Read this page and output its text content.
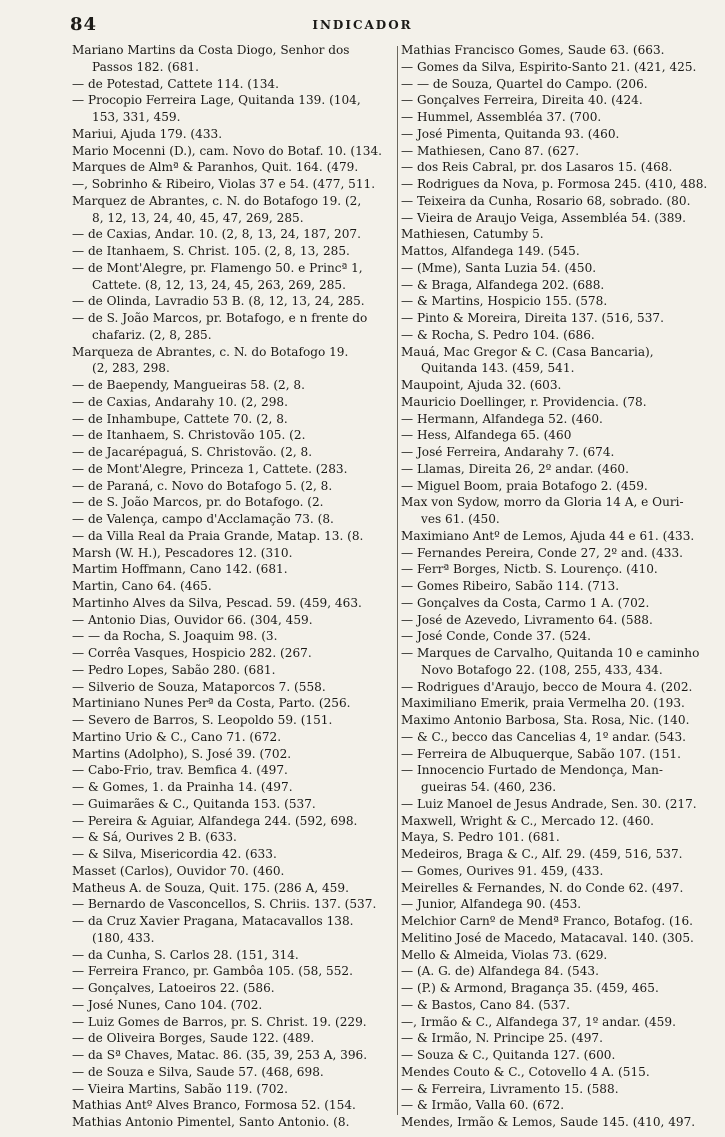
84	INDICADOR
Mariano Martins da Costa Diogo, Senhor dos
Passos 182. (681.
— de Potestad, Cattete 114. (134.
— Procopio Ferreira Lage, Quitanda 139. (104,
153, 331, 459.
Mariui, Ajuda 179. (433.
Mario Mocenni (D.), cam. Novo do Botaf. 10. (134.
Marques de Almª & Paranhos, Quit. 164. (479.
—, Sobrinho & Ribeiro, Violas 37 e 54. (477, 511.
Marquez de Abrantes, c. N. do Botafogo 19. (2,
8, 12, 13, 24, 40, 45, 47, 269, 285.
— de Caxias, Andar. 10. (2, 8, 13, 24, 187, 207.
— de Itanhaem, S. Christ. 105. (2, 8, 13, 285.
— de Mont'Alegre, pr. Flamengo 50. e Princª 1,
Cattete. (8, 12, 13, 24, 45, 263, 269, 285.
— de Olinda, Lavradio 53 B. (8, 12, 13, 24, 285.
— de S. João Marcos, pr. Botafogo, e n frente do
chafariz. (2, 8, 285.
Marqueza de Abrantes, c. N. do Botafogo 19.
(2, 283, 298.
— de Baependy, Mangueiras 58. (2, 8.
— de Caxias, Andarahy 10. (2, 298.
— de Inhambupe, Cattete 70. (2, 8.
— de Itanhaem, S. Christovão 105. (2.
— de Jacarépaguá, S. Christovão. (2, 8.
— de Mont'Alegre, Princeza 1, Cattete. (283.
— de Paraná, c. Novo do Botafogo 5. (2, 8.
— de S. João Marcos, pr. do Botafogo. (2.
— de Valença, campo d'Acclamação 73. (8.
— da Villa Real da Praia Grande, Matap. 13. (8.
Marsh (W. H.), Pescadores 12. (310.
Martim Hoffmann, Cano 142. (681.
Martin, Cano 64. (465.
Martinho Alves da Silva, Pescad. 59. (459, 463.
— Antonio Dias, Ouvidor 66. (304, 459.
— — da Rocha, S. Joaquim 98. (3.
— Corrêa Vasques, Hospicio 282. (267.
— Pedro Lopes, Sabão 280. (681.
— Silverio de Souza, Mataporcos 7. (558.
Martiniano Nunes Perª da Costa, Parto. (256.
— Severo de Barros, S. Leopoldo 59. (151.
Martino Urio & C., Cano 71. (672.
Martins (Adolpho), S. José 39. (702.
— Cabo-Frio, trav. Bemfica 4. (497.
— & Gomes, 1. da Prainha 14. (497.
— Guimarães & C., Quitanda 153. (537.
— Pereira & Aguiar, Alfandega 244. (592, 698.
— & Sá, Ourives 2 B. (633.
— & Silva, Misericordia 42. (633.
Masset (Carlos), Ouvidor 70. (460.
Matheus A. de Souza, Quit. 175. (286 A, 459.
— Bernardo de Vasconcellos, S. Chriis. 137. (537.
— da Cruz Xavier Pragana, Matacavallos 138.
(180, 433.
— da Cunha, S. Carlos 28. (151, 314.
— Ferreira Franco, pr. Gambôa 105. (58, 552.
— Gonçalves, Latoeiros 22. (586.
— José Nunes, Cano 104. (702.
— Luiz Gomes de Barros, pr. S. Christ. 19. (229.
— de Oliveira Borges, Saude 122. (489.
— da Sª Chaves, Matac. 86. (35, 39, 253 A, 396.
— de Souza e Silva, Saude 57. (468, 698.
— Vieira Martins, Sabão 119. (702.
Mathias Antº Alves Branco, Formosa 52. (154.
Mathias Antonio Pimentel, Santo Antonio. (8.
Mathias Francisco Gomes, Saude 63. (663.
— Gomes da Silva, Espirito-Santo 21. (421, 425.
— — de Souza, Quartel do Campo. (206.
— Gonçalves Ferreira, Direita 40. (424.
— Hummel, Assembléa 37. (700.
— José Pimenta, Quitanda 93. (460.
— Mathiesen, Cano 87. (627.
— dos Reis Cabral, pr. dos Lasaros 15. (468.
— Rodrigues da Nova, p. Formosa 245. (410, 488.
— Teixeira da Cunha, Rosario 68, sobrado. (80.
— Vieira de Araujo Veiga, Assembléa 54. (389.
Mathiesen, Catumby 5.
Mattos, Alfandega 149. (545.
— (Mme), Santa Luzia 54. (450.
— & Braga, Alfandega 202. (688.
— & Martins, Hospicio 155. (578.
— Pinto & Moreira, Direita 137. (516, 537.
— & Rocha, S. Pedro 104. (686.
Mauá, Mac Gregor & C. (Casa Bancaria),
Quitanda 143. (459, 541.
Maupoint, Ajuda 32. (603.
Mauricio Doellinger, r. Providencia. (78.
— Hermann, Alfandega 52. (460.
— Hess, Alfandega 65. (460
— José Ferreira, Andarahy 7. (674.
— Llamas, Direita 26, 2º andar. (460.
— Miguel Boom, praia Botafogo 2. (459.
Max von Sydow, morro da Gloria 14 A, e Ouri-
ves 61. (450.
Maximiano Antº de Lemos, Ajuda 44 e 61. (433.
— Fernandes Pereira, Conde 27, 2º and. (433.
— Ferrª Borges, Nictb. S. Lourenço. (410.
— Gomes Ribeiro, Sabão 114. (713.
— Gonçalves da Costa, Carmo 1 A. (702.
— José de Azevedo, Livramento 64. (588.
— José Conde, Conde 37. (524.
— Marques de Carvalho, Quitanda 10 e caminho
Novo Botafogo 22. (108, 255, 433, 434.
— Rodrigues d'Araujo, becco de Moura 4. (202.
Maximiliano Emerik, praia Vermelha 20. (193.
Maximo Antonio Barbosa, Sta. Rosa, Nic. (140.
— & C., becco das Cancelias 4, 1º andar. (543.
— Ferreira de Albuquerque, Sabão 107. (151.
— Innocencio Furtado de Mendonça, Man-
gueiras 54. (460, 236.
— Luiz Manoel de Jesus Andrade, Sen. 30. (217.
Maxwell, Wright & C., Mercado 12. (460.
Maya, S. Pedro 101. (681.
Medeiros, Braga & C., Alf. 29. (459, 516, 537.
— Gomes, Ourives 91. 459, (433.
Meirelles & Fernandes, N. do Conde 62. (497.
— Junior, Alfandega 90. (453.
Melchior Carnº de Mendª Franco, Botafog. (16.
Melitino José de Macedo, Matacaval. 140. (305.
Mello & Almeida, Violas 73. (629.
— (A. G. de) Alfandega 84. (543.
— (P.) & Armond, Bragança 35. (459, 465.
— & Bastos, Cano 84. (537.
—, Irmão & C., Alfandega 37, 1º andar. (459.
— & Irmão, N. Principe 25. (497.
— Souza & C., Quitanda 127. (600.
Mendes Couto & C., Cotovello 4 A. (515.
— & Ferreira, Livramento 15. (588.
— & Irmão, Valla 60. (672.
Mendes, Irmão & Lemos, Saude 145. (410, 497.
